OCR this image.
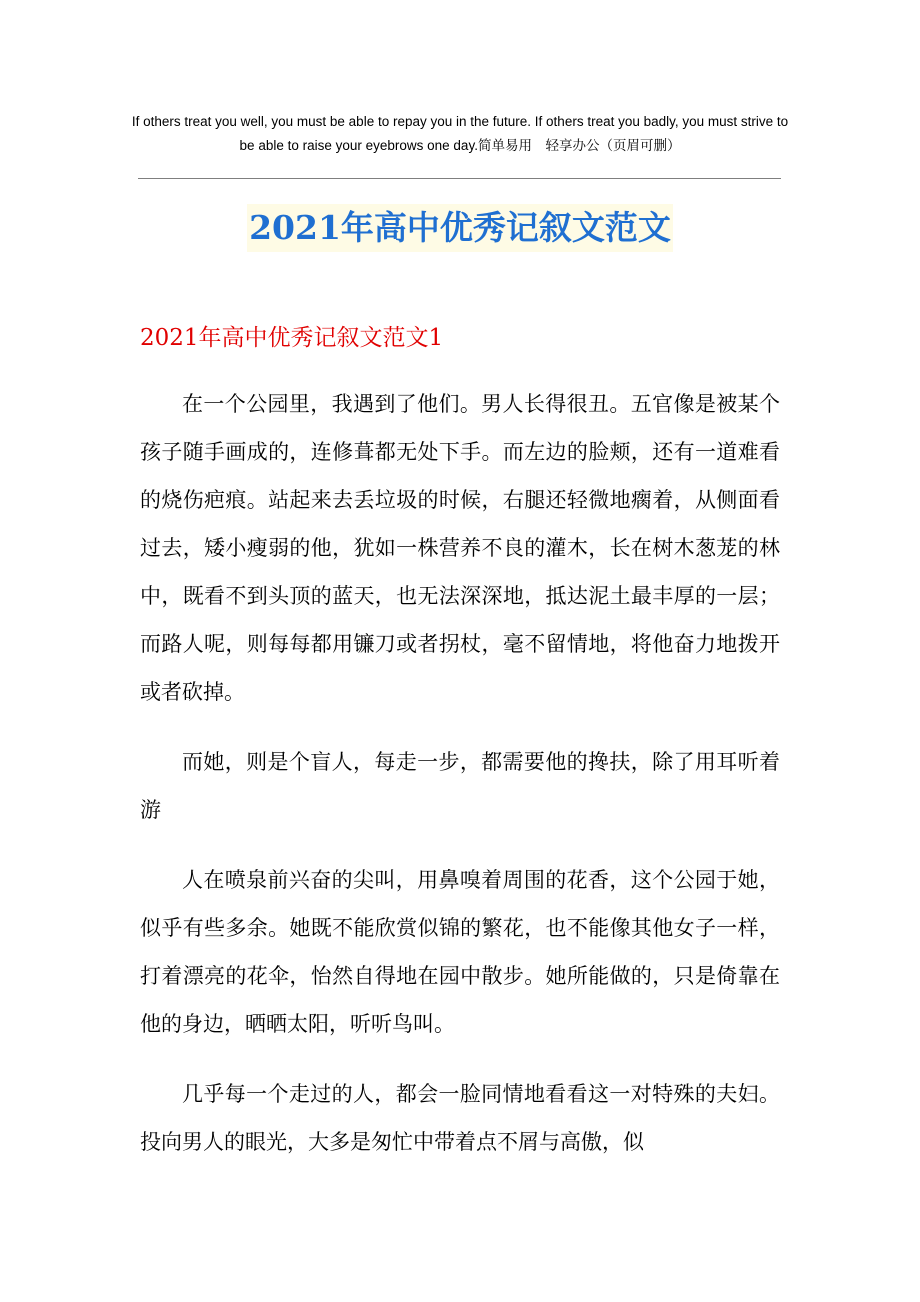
If others treat you well, you must be able to repay you in the future. If others treat you badly, you must strive to be able to raise your eyebrows one day.简单易用　轻享办公（页眉可删）

2021年高中优秀记叙文范文
2021年高中优秀记叙文范文1

在一个公园里，我遇到了他们。男人长得很丑。五官像是被某个孩子随手画成的，连修葺都无处下手。而左边的脸颊，还有一道难看的烧伤疤痕。站起来去丢垃圾的时候，右腿还轻微地瘸着，从侧面看过去，矮小瘦弱的他，犹如一株营养不良的灌木，长在树木葱茏的林中，既看不到头顶的蓝天，也无法深深地，抵达泥土最丰厚的一层；而路人呢，则每每都用镰刀或者拐杖，毫不留情地，将他奋力地拨开或者砍掉。

而她，则是个盲人，每走一步，都需要他的搀扶，除了用耳听着游

人在喷泉前兴奋的尖叫，用鼻嗅着周围的花香，这个公园于她，似乎有些多余。她既不能欣赏似锦的繁花，也不能像其他女子一样，打着漂亮的花伞，怡然自得地在园中散步。她所能做的，只是倚靠在他的身边，晒晒太阳，听听鸟叫。

几乎每一个走过的人，都会一脸同情地看看这一对特殊的夫妇。投向男人的眼光，大多是匆忙中带着点不屑与高傲，似
